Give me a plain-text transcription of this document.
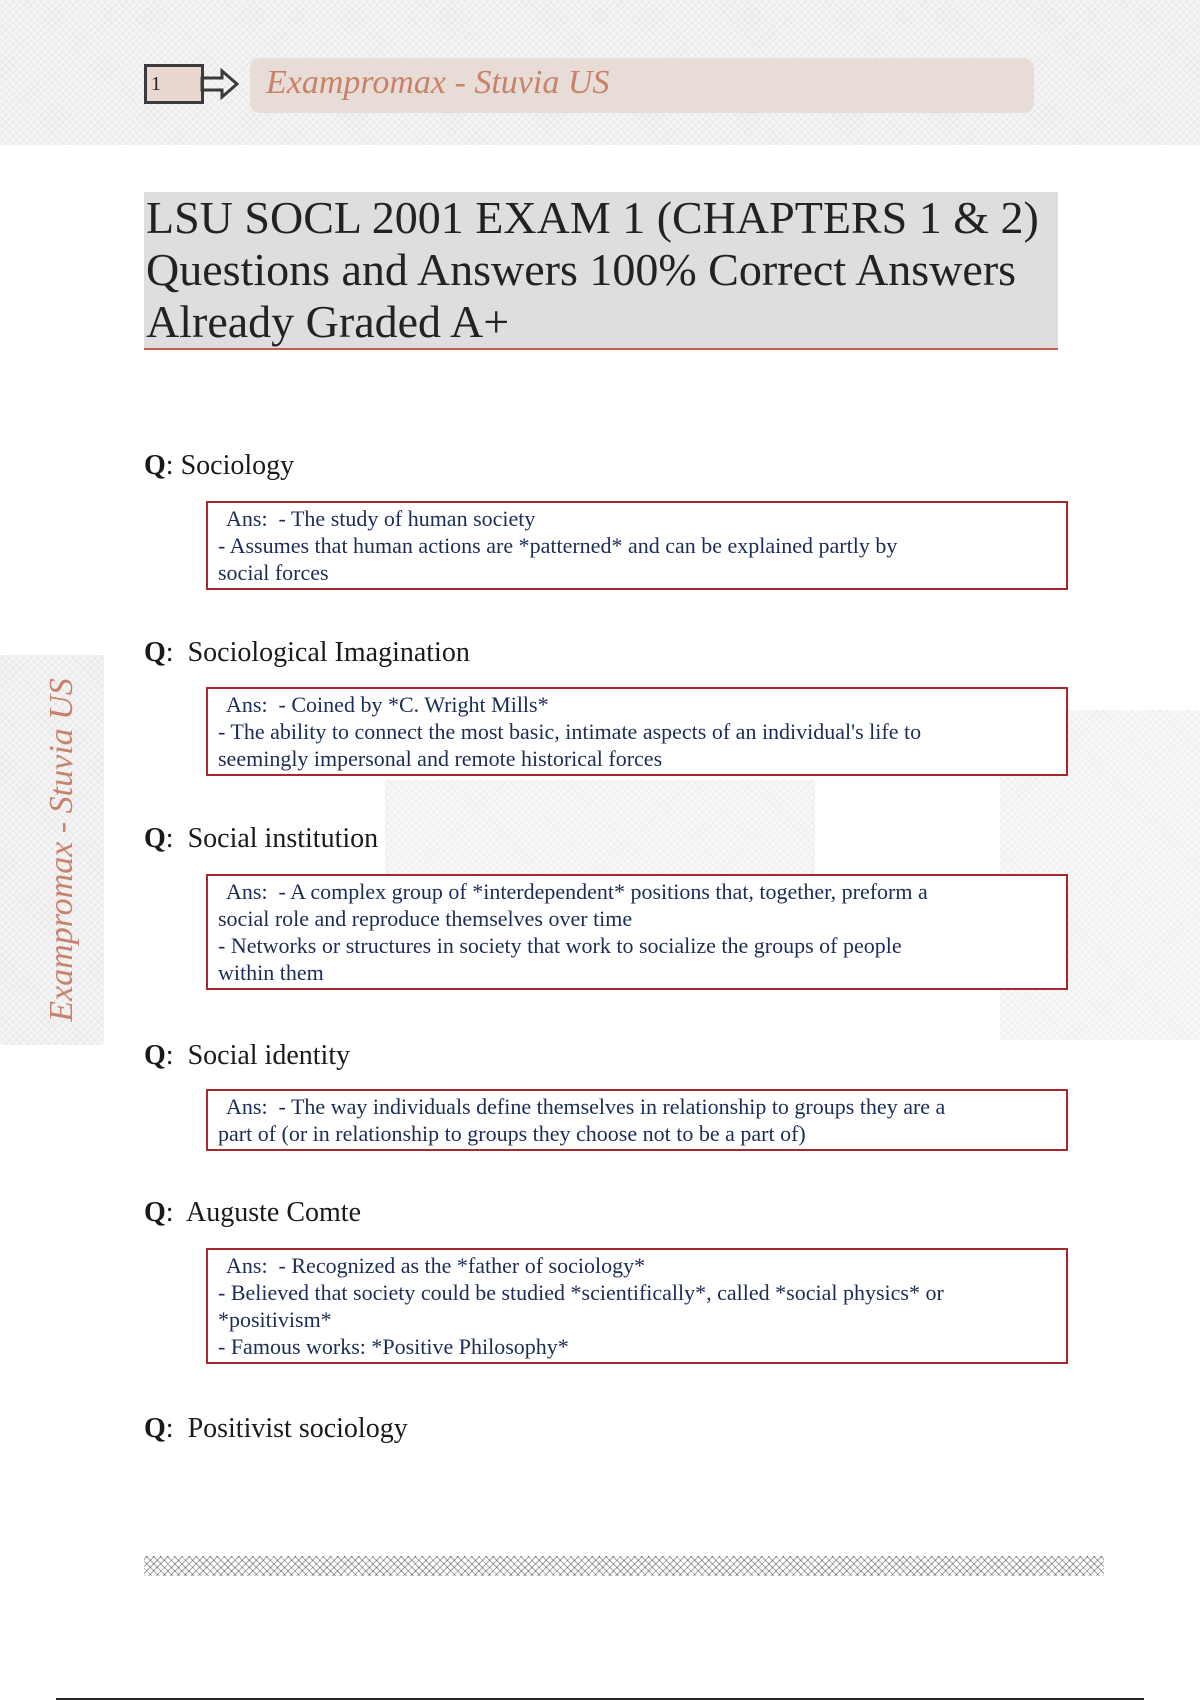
1	Exampromax - Stuvia US
Exampromax - Stuvia US
LSU SOCL 2001 EXAM 1 (CHAPTERS 1 & 2)
Questions and Answers 100% Correct Answers
Already Graded A+
Q: Sociology
Ans:  - The study of human society
- Assumes that human actions are *patterned* and can be explained partly by
social forces
Q:  Sociological Imagination
Ans:  - Coined by *C. Wright Mills*
- The ability to connect the most basic, intimate aspects of an individual's life to
seemingly impersonal and remote historical forces
Q:  Social institution
Ans:  - A complex group of *interdependent* positions that, together, preform a
social role and reproduce themselves over time
- Networks or structures in society that work to socialize the groups of people
within them
Q:  Social identity
Ans:  - The way individuals define themselves in relationship to groups they are a
part of (or in relationship to groups they choose not to be a part of)
Q:  Auguste Comte
Ans:  - Recognized as the *father of sociology*
- Believed that society could be studied *scientifically*, called *social physics* or
*positivism*
- Famous works: *Positive Philosophy*
Q:  Positivist sociology
